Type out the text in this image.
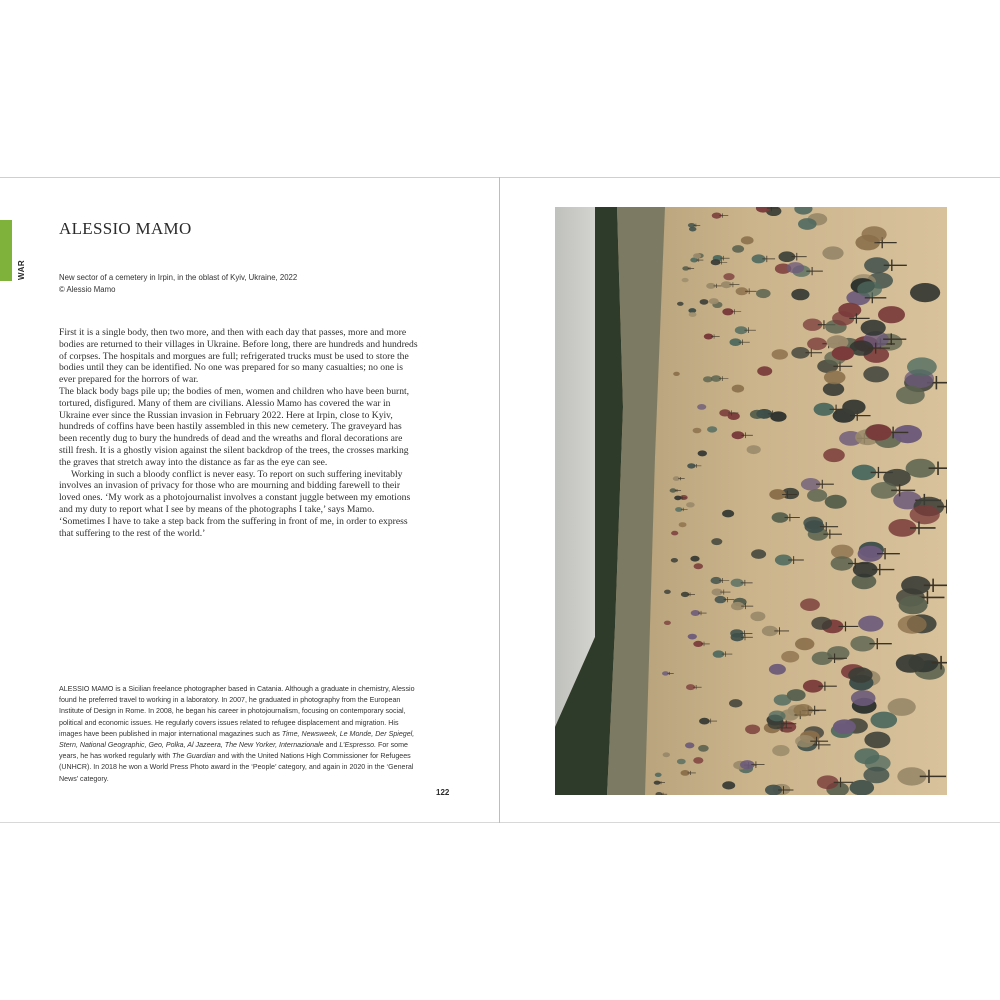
WAR
ALESSIO MAMO
New sector of a cemetery in Irpin, in the oblast of Kyiv, Ukraine, 2022
© Alessio Mamo

First it is a single body, then two more, and then with each day that passes, more and more bodies are returned to their villages in Ukraine. Before long, there are hundreds and hundreds of corpses. The hospitals and morgues are full; refrigerated trucks must be used to store the bodies until they can be identified. No one was prepared for so many casualties; no one is ever prepared for the horrors of war.

The black body bags pile up; the bodies of men, women and children who have been burnt, tortured, disfigured. Many of them are civilians. Alessio Mamo has covered the war in Ukraine ever since the Russian invasion in February 2022. Here at Irpin, close to Kyiv, hundreds of coffins have been hastily assembled in this new cemetery. The graveyard has been recently dug to bury the hundreds of dead and the wreaths and floral decorations are still fresh. It is a ghostly vision against the silent backdrop of the trees, the crosses marking the graves that stretch away into the distance as far as the eye can see.

Working in such a bloody conflict is never easy. To report on such suffering inevitably involves an invasion of privacy for those who are mourning and bidding farewell to their loved ones. ‘My work as a photojournalist involves a constant juggle between my emotions and my duty to report what I see by means of the photographs I take,’ says Mamo. ‘Sometimes I have to take a step back from the suffering in front of me, in order to express that suffering to the rest of the world.’

ALESSIO MAMO is a Sicilian freelance photographer based in Catania. Although a graduate in chemistry, Alessio found he preferred travel to working in a laboratory. In 2007, he graduated in photography from the European Institute of Design in Rome. In 2008, he began his career in photojournalism, focusing on contemporary social, political and economic issues. He regularly covers issues related to refugee displacement and migration. His images have been published in major international magazines such as Time, Newsweek, Le Monde, Der Spiegel, Stern, National Geographic, Geo, Polka, Al Jazeera, The New Yorker, Internazionale and L’Espresso. For some years, he has worked regularly with The Guardian and with the United Nations High Commissioner for Refugees (UNHCR). In 2018 he won a World Press Photo award in the ‘People’ category, and again in 2020 in the ‘General News’ category.

122
